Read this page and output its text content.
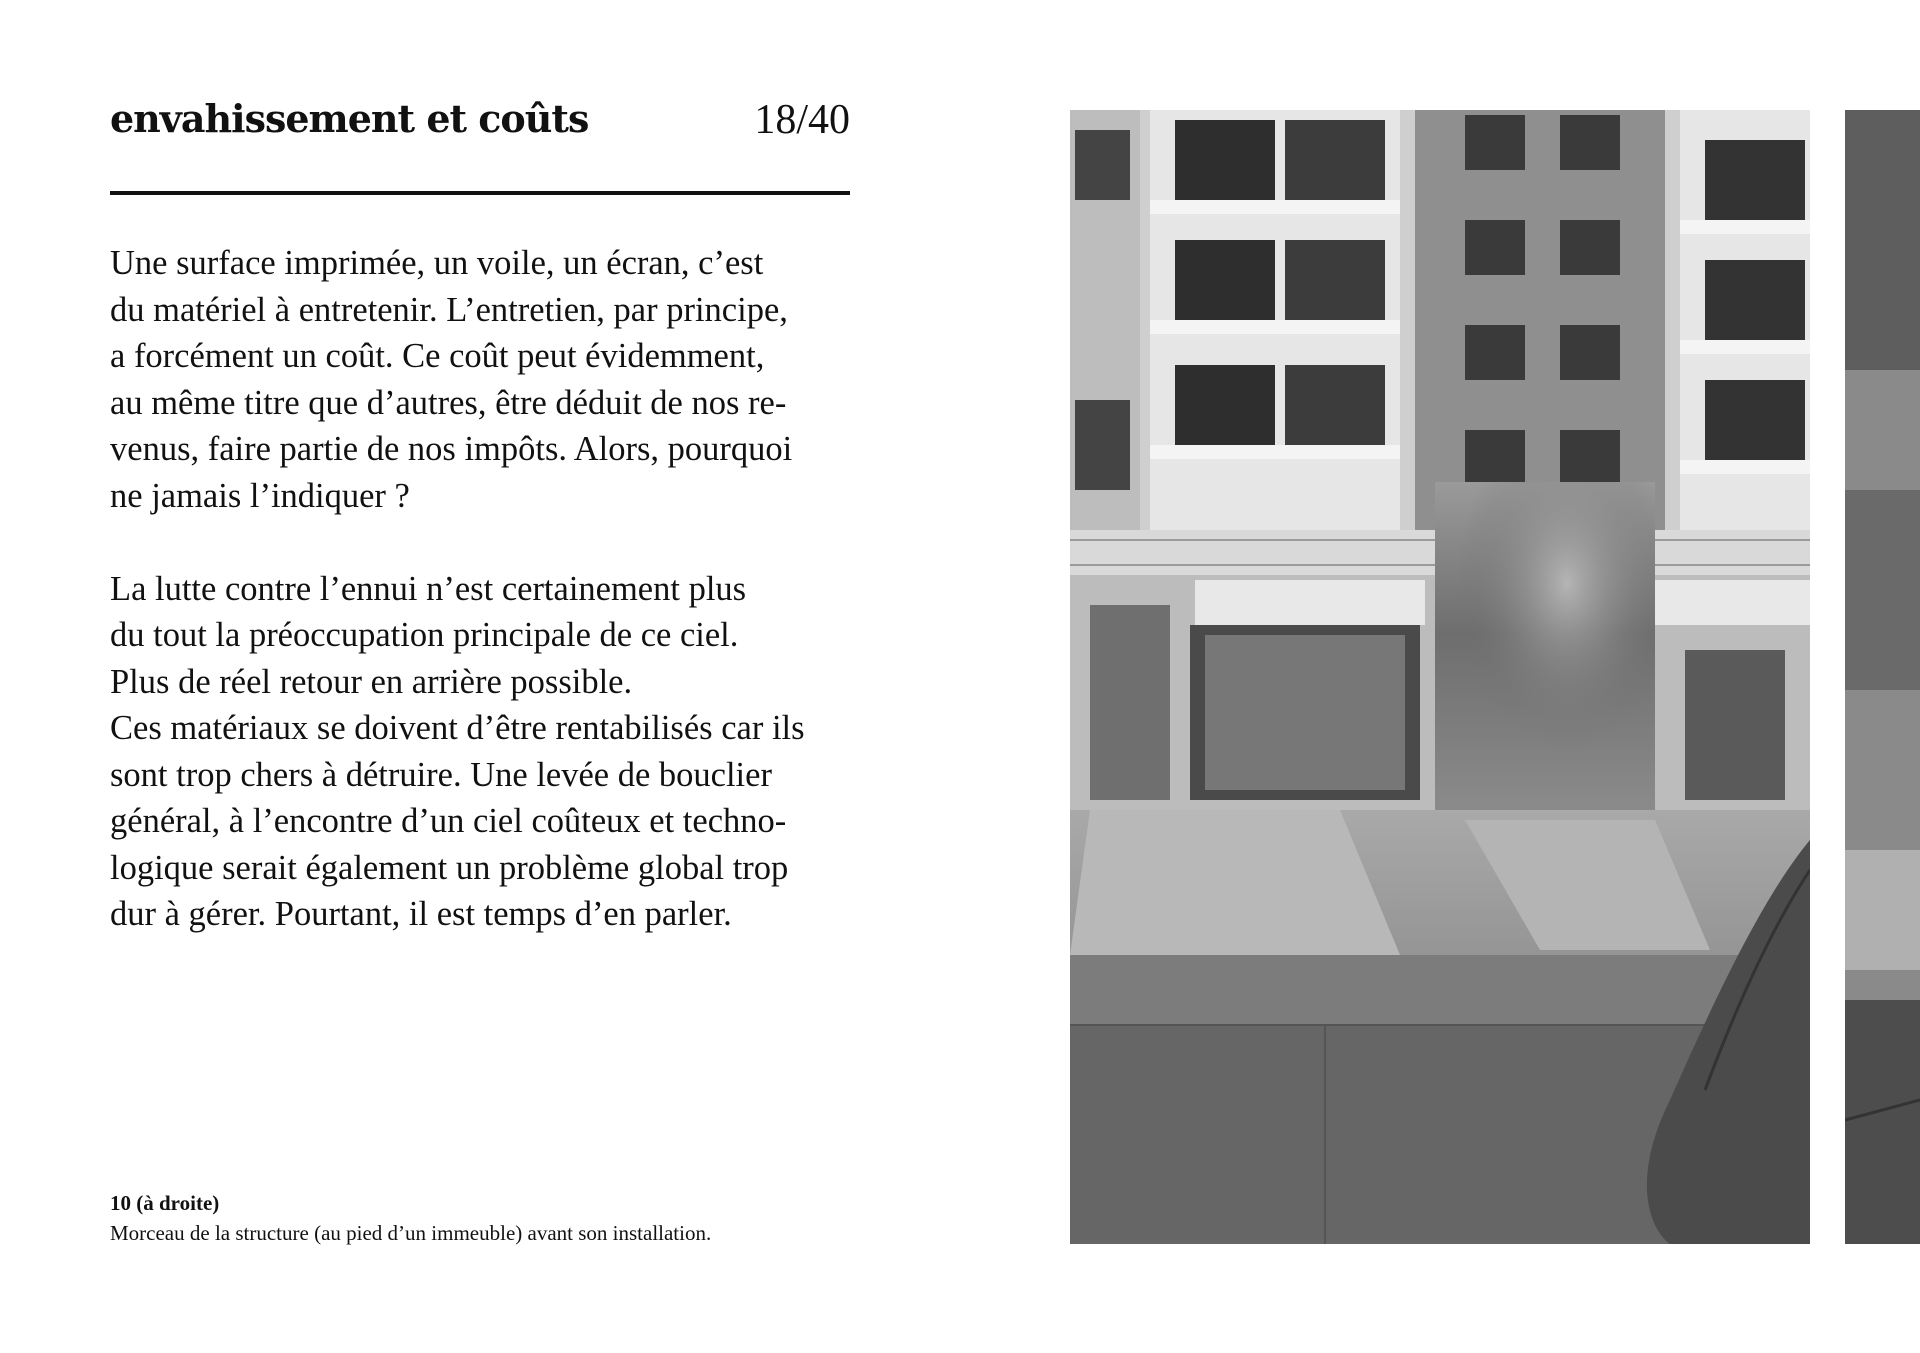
envahissement et coûts	18/40

Une surface imprimée, un voile, un écran, c’est
du matériel à entretenir. L’entretien, par principe,
a forcément un coût. Ce coût peut évidemment,
au même titre que d’autres, être déduit de nos re-
venus, faire partie de nos impôts. Alors, pourquoi
ne jamais l’indiquer ?

La lutte contre l’ennui n’est certainement plus
du tout la préoccupation principale de ce ciel.
Plus de réel retour en arrière possible.
Ces matériaux se doivent d’être rentabilisés car ils
sont trop chers à détruire. Une levée de bouclier
général, à l’encontre d’un ciel coûteux et techno-
logique serait également un problème global trop
dur à gérer. Pourtant, il est temps d’en parler.

10 (à droite)
Morceau de la structure (au pied d’un immeuble) avant son installation.
